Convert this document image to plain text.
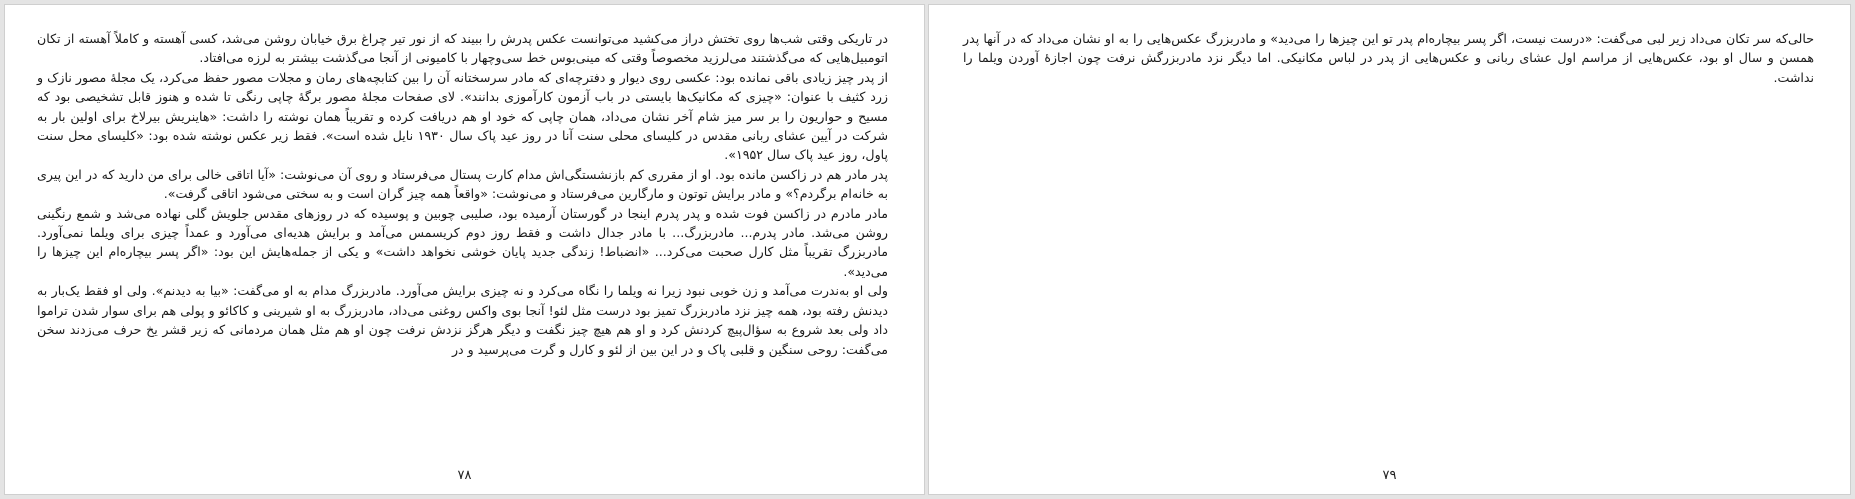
در تاریکی وقتی شب‌ها روی تختش دراز می‌کشید می‌توانست عکس پدرش را ببیند که از نور تیر چراغ برق خیابان روشن می‌شد، کسی آهسته و کاملاً آهسته از تکان اتومبیل‌هایی که می‌گذشتند می‌لرزید مخصوصاً وقتی که مینی‌بوس خط سی‌وچهار با کامیونی از آنجا می‌گذشت بیشتر به لرزه می‌افتاد.

از پدر چیز زیادی باقی نمانده بود: عکسی روی دیوار و دفترچه‌ای که مادر سرسختانه آن را بین کتابچه‌های رمان و مجلات مصور حفظ می‌کرد، یک مجلهٔ مصور نازک و زرد کثیف با عنوان: «چیزی که مکانیک‌ها بایستی در باب آزمون کارآموزی بدانند». لای صفحات مجلهٔ مصور برگهٔ چاپی رنگی تا شده و هنوز قابل تشخیصی بود که مسیح و حواریون را بر سر میز شام آخر نشان می‌داد، همان چاپی که خود او هم دریافت کرده و تقریباً همان نوشته را داشت: «هاینریش بیرلاخ برای اولین بار به شرکت در آیین عشای ربانی مقدس در کلیسای محلی سنت آنا در روز عید پاک سال ۱۹۳۰ نایل شده است». فقط زیر عکس نوشته شده بود: «کلیسای محل سنت پاول، روز عید پاک سال ۱۹۵۲».

پدر مادر هم در زاکسن مانده بود. او از مقرری کم بازنشستگی‌اش مدام کارت پستال می‌فرستاد و روی آن می‌نوشت: «آیا اتاقی خالی برای من دارید که در این پیری به خانه‌ام برگردم؟» و مادر برایش توتون و مارگارین می‌فرستاد و می‌نوشت: «واقعاً همه چیز گران است و به سختی می‌شود اتاقی گرفت».

مادر مادرم در زاکسن فوت شده و پدر پدرم اینجا در گورستان آرمیده بود، صلیبی چوبین و پوسیده که در روزهای مقدس جلویش گلی نهاده می‌شد و شمع رنگینی روشن می‌شد. مادر پدرم... مادربزرگ... با مادر جدال داشت و فقط روز دوم کریسمس می‌آمد و برایش هدیه‌ای می‌آورد و عمداً چیزی برای ویلما نمی‌آورد. مادربزرگ تقریباً مثل کارل صحبت می‌کرد... «انضباط! زندگی جدید پایان خوشی نخواهد داشت» و یکی از جمله‌هایش این بود: «اگر پسر بیچاره‌ام این چیزها را می‌دید».

ولی او به‌ندرت می‌آمد و زن خوبی نبود زیرا نه ویلما را نگاه می‌کرد و نه چیزی برایش می‌آورد. مادربزرگ مدام به او می‌گفت: «بیا به دیدنم». ولی او فقط یک‌بار به دیدنش رفته بود، همه چیز نزد مادربزرگ تمیز بود درست مثل لئو! آنجا بوی واکس روغنی می‌داد، مادربزرگ به او شیرینی و کاکائو و پولی هم برای سوار شدن تراموا داد ولی بعد شروع به سؤال‌پیچ کردنش کرد و او هم هیچ چیز نگفت و دیگر هرگز نزدش نرفت چون او هم مثل همان مردمانی که زیر قشر یخ حرف می‌زدند سخن می‌گفت: روحی سنگین و قلبی پاک و در این بین از لئو و کارل و گرت می‌پرسید و در

۷۸

حالی‌که سر تکان می‌داد زیر لبی می‌گفت: «درست نیست، اگر پسر بیچاره‌ام پدر تو این چیزها را می‌دید» و مادربزرگ عکس‌هایی را به او نشان می‌داد که در آنها پدر همسن و سال او بود، عکس‌هایی از مراسم اول عشای ربانی و عکس‌هایی از پدر در لباس مکانیکی. اما دیگر نزد مادربزرگش نرفت چون اجازهٔ آوردن ویلما را نداشت.

۷۹
